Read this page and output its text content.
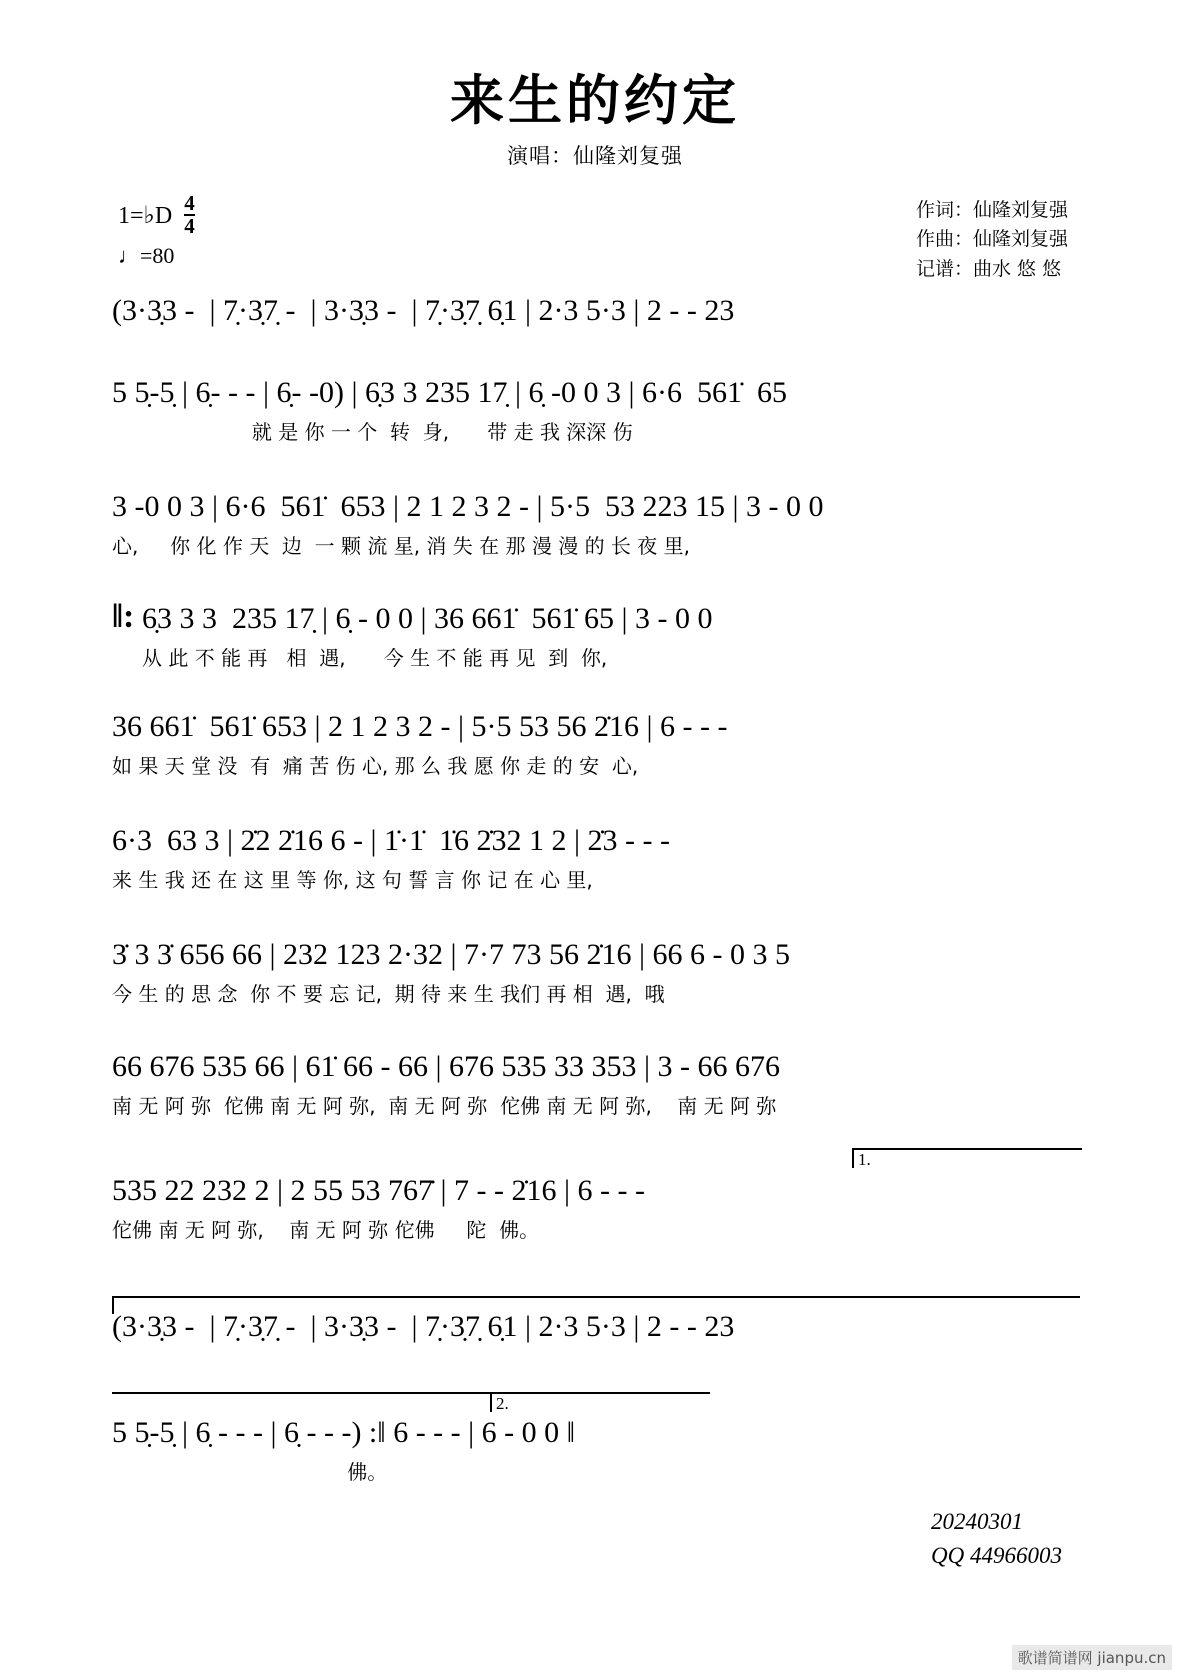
来生的约定
演唱：仙隆刘复强
1=♭D $\frac{4}{4}$
♩=80
作词：仙隆刘复强
作曲：仙隆刘复强
记谱：曲水 悠 悠
(3·3̣3 -  | 7̣·3̣7̣ -  | 3·3̣3 -  | 7̣·3̣7̣ 6̣1 | 2·3 5·3 | 2 - - 23
5 5̣-5̣ | 6̣- - - | 6̣- -0) | 6̣3 3 235 17̣ | 6̣ -0 0 3 | 6·6  561̇  65
就 是 你 一 个  转  身,      带 走 我 深深 伤
3 -0 0 3 | 6·6  561̇  653 | 2 1 2 3 2 - | 5·5  53 223 15 | 3 - 0 0
心,     你 化 作 天  边  一 颗 流 星, 消 失 在 那 漫 漫 的 长 夜 里,
‖: 6̣3 3 3  235 17̣ | 6̣ - 0 0 | 36 661̇  561̇ 65 | 3 - 0 0
从 此 不 能 再   相  遇,      今 生 不 能 再 见  到  你,
36 661̇  561̇ 653 | 2 1 2 3 2 - | 5·5 53 56 2̇16 | 6 - - -
如 果 天 堂 没  有  痛 苦 伤 心, 那 么 我 愿 你 走 的 安  心,
6·3  63 3 | 2̇2 2̇16 6 - | 1̇·1̇  1̇6 2̇32 1 2 | 2̇3 - - -
来 生 我 还 在 这 里 等 你, 这 句 誓 言 你 记 在 心 里,
3̇ 3 3̇ 656 66 | 232 123 2·32 | 7·7 73 56 2̇16 | 66 6 - 0 3 5
今 生 的 思 念  你 不 要 忘 记,  期 待 来 生 我们 再 相  遇,  哦
66 676 535 66 | 61̇ 66 - 66 | 676 535 33 353 | 3 - 66 676
南 无 阿 弥  佗佛 南 无 阿 弥,  南 无 阿 弥  佗佛 南 无 阿 弥,    南 无 阿 弥
1.
535 22 232 2 | 2 55 53 767̇ | 7 - - 2̇16 | 6 - - -
佗佛 南 无 阿 弥,    南 无 阿 弥 佗佛     陀  佛。
(3·3̣3 -  | 7̣·3̣7̣ -  | 3·3̣3 -  | 7̣·3̣7̣ 6̣1 | 2·3 5·3 | 2 - - 23
2.
5 5̣-5̣ | 6̣ - - - | 6̣ - - -) :‖ 6 - - - | 6 - 0 0 ‖
佛。
20240301
QQ 44966003
歌谱简谱网 jianpu.cn
